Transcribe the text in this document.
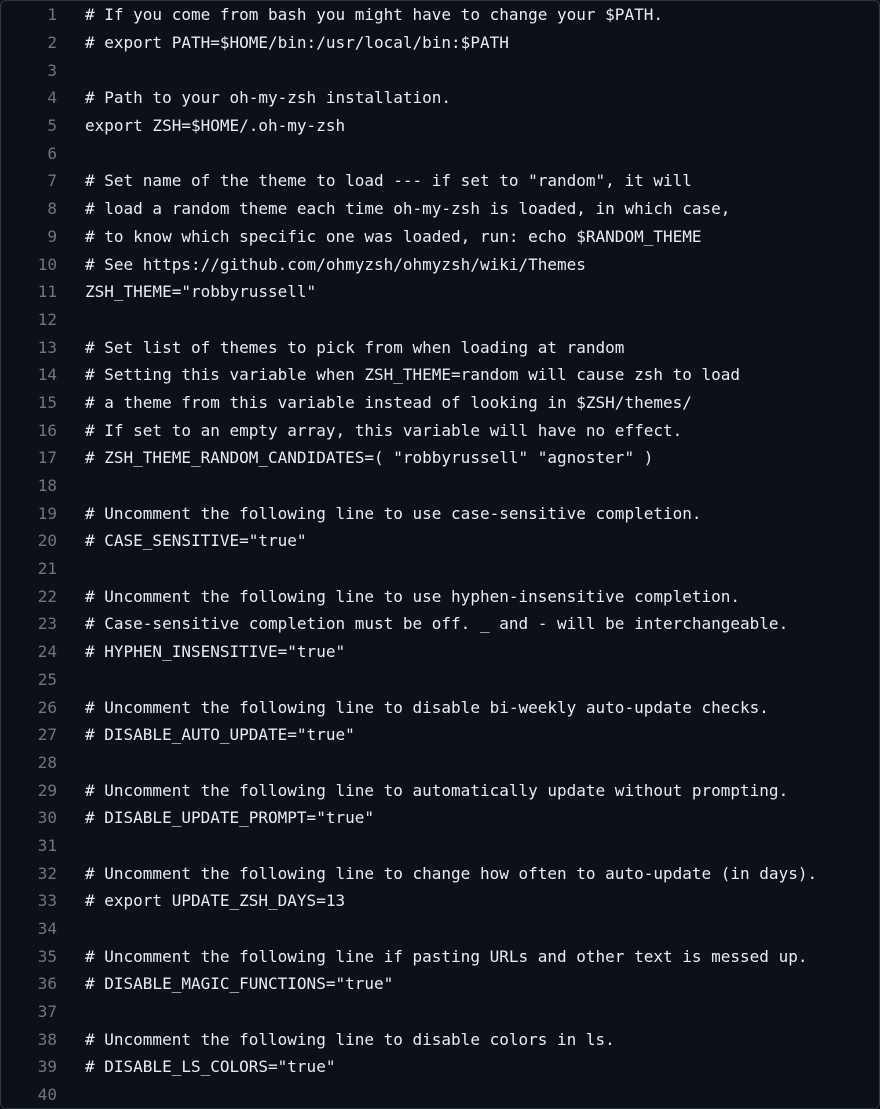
1	# If you come from bash you might have to change your $PATH.
2	# export PATH=$HOME/bin:/usr/local/bin:$PATH
3
4	# Path to your oh-my-zsh installation.
5	export ZSH=$HOME/.oh-my-zsh
6
7	# Set name of the theme to load --- if set to "random", it will
8	# load a random theme each time oh-my-zsh is loaded, in which case,
9	# to know which specific one was loaded, run: echo $RANDOM_THEME
10	# See https://github.com/ohmyzsh/ohmyzsh/wiki/Themes
11	ZSH_THEME="robbyrussell"
12
13	# Set list of themes to pick from when loading at random
14	# Setting this variable when ZSH_THEME=random will cause zsh to load
15	# a theme from this variable instead of looking in $ZSH/themes/
16	# If set to an empty array, this variable will have no effect.
17	# ZSH_THEME_RANDOM_CANDIDATES=( "robbyrussell" "agnoster" )
18
19	# Uncomment the following line to use case-sensitive completion.
20	# CASE_SENSITIVE="true"
21
22	# Uncomment the following line to use hyphen-insensitive completion.
23	# Case-sensitive completion must be off. _ and - will be interchangeable.
24	# HYPHEN_INSENSITIVE="true"
25
26	# Uncomment the following line to disable bi-weekly auto-update checks.
27	# DISABLE_AUTO_UPDATE="true"
28
29	# Uncomment the following line to automatically update without prompting.
30	# DISABLE_UPDATE_PROMPT="true"
31
32	# Uncomment the following line to change how often to auto-update (in days).
33	# export UPDATE_ZSH_DAYS=13
34
35	# Uncomment the following line if pasting URLs and other text is messed up.
36	# DISABLE_MAGIC_FUNCTIONS="true"
37
38	# Uncomment the following line to disable colors in ls.
39	# DISABLE_LS_COLORS="true"
40
